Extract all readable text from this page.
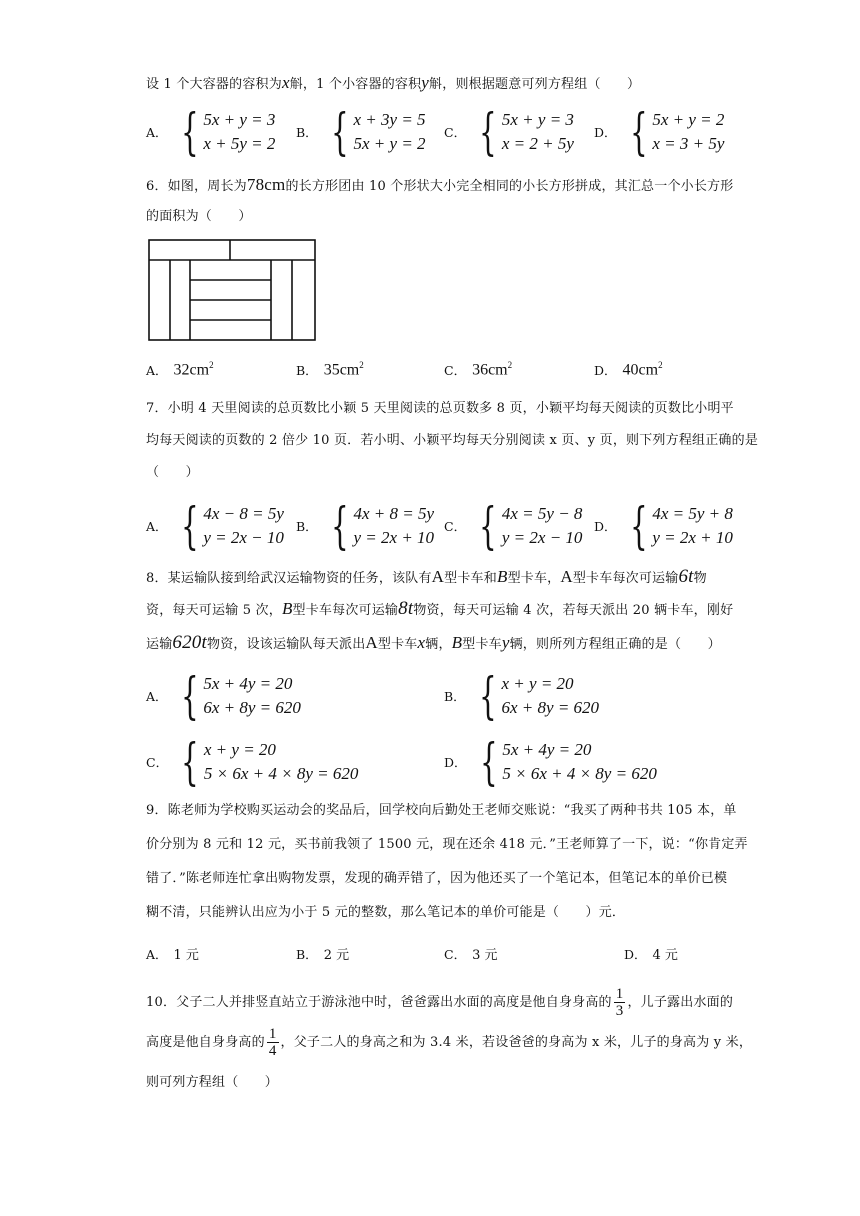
设 1 个大容器的容积为x斛，1 个小容器的容积y斛，则根据题意可列方程组（　　）
A． { 5x + y = 3
x + 5y = 2
B． { x + 3y = 5
5x + y = 2
C． { 5x + y = 3
x = 2 + 5y
D． { 5x + y = 2
x = 3 + 5y
6．如图，周长为78cm的长方形团由 10 个形状大小完全相同的小长方形拼成，其汇总一个小长方形
的面积为（　　）
A． $32cm^2$	B． $35cm^2$	C． $36cm^2$	D． $40cm^2$
7．小明 4 天里阅读的总页数比小颖 5 天里阅读的总页数多 8 页，小颖平均每天阅读的页数比小明平
均每天阅读的页数的 2 倍少 10 页．若小明、小颖平均每天分别阅读 x 页、y 页，则下列方程组正确的是
（　　）
A． { 4x − 8 = 5y
y = 2x − 10
B． { 4x + 8 = 5y
y = 2x + 10
C． { 4x = 5y − 8
y = 2x − 10
D． { 4x = 5y + 8
y = 2x + 10
8．某运输队接到给武汉运输物资的任务，该队有A型卡车和B型卡车，A型卡车每次可运输6t物
资，每天可运输 5 次，B型卡车每次可运输8t物资，每天可运输 4 次，若每天派出 20 辆卡车，刚好
运输620t物资，设该运输队每天派出A型卡车x辆，B型卡车y辆，则所列方程组正确的是（　　）
A． { 5x + 4y = 20
6x + 8y = 620
B． { x + y = 20
6x + 8y = 620
C． { x + y = 20
5 × 6x + 4 × 8y = 620
D． { 5x + 4y = 20
5 × 6x + 4 × 8y = 620
9．陈老师为学校购买运动会的奖品后，回学校向后勤处王老师交账说：“我买了两种书共 105 本，单
价分别为 8 元和 12 元，买书前我领了 1500 元，现在还余 418 元．”王老师算了一下，说：“你肯定弄
错了．”陈老师连忙拿出购物发票，发现的确弄错了，因为他还买了一个笔记本，但笔记本的单价已模
糊不清，只能辨认出应为小于 5 元的整数，那么笔记本的单价可能是（　　）元．
A． 1 元	B． 2 元	C． 3 元	D． 4 元
10．父子二人并排竖直站立于游泳池中时，爸爸露出水面的高度是他自身身高的 $\frac{1}{3}$ ，儿子露出水面的
高度是他自身身高的 $\frac{1}{4}$ ，父子二人的身高之和为 3.4 米，若设爸爸的身高为 x 米，儿子的身高为 y 米，
则可列方程组（　　）
